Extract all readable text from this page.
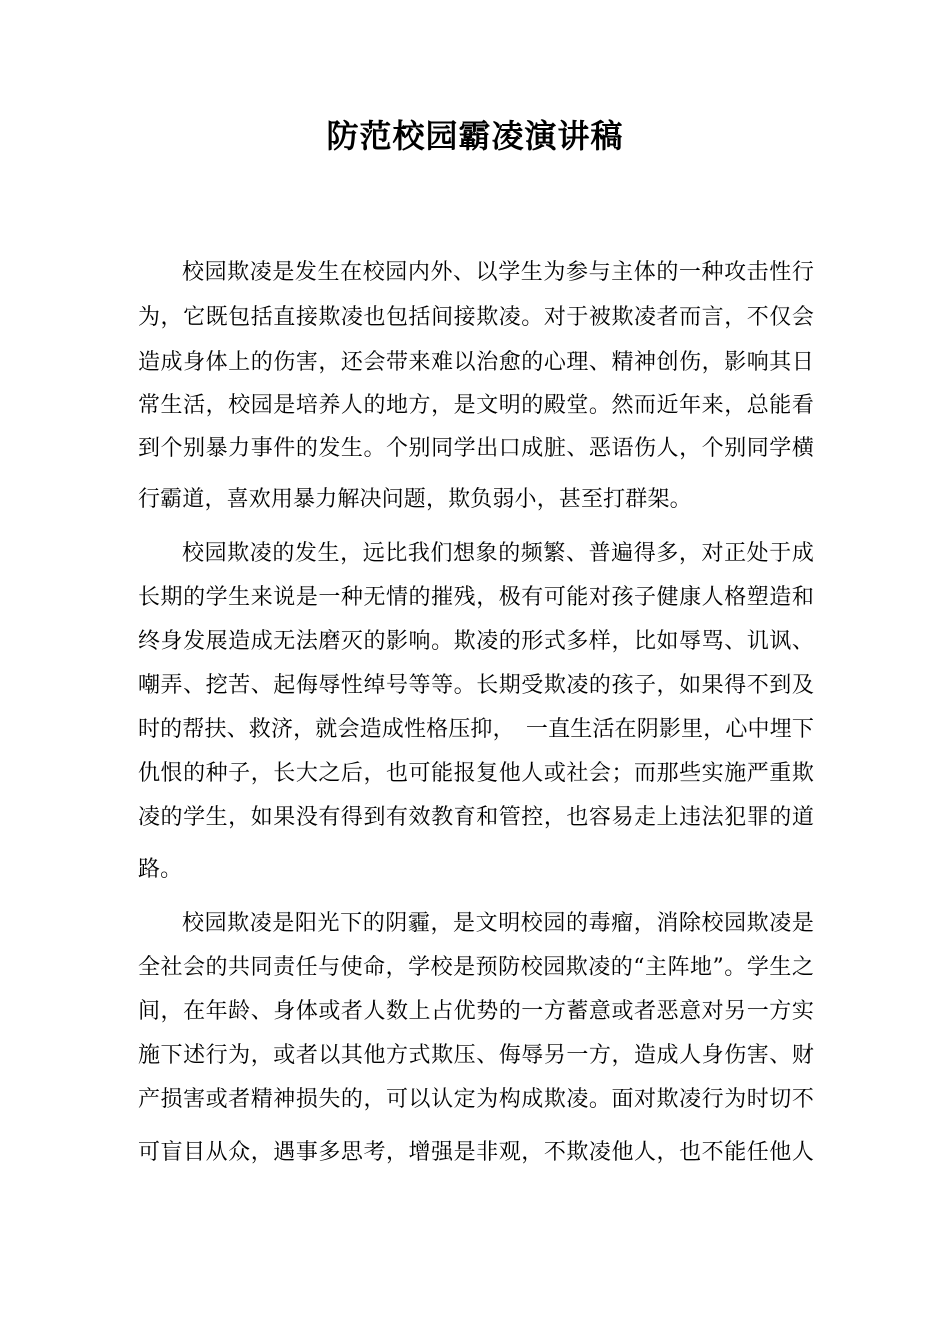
防范校园霸凌演讲稿
校园欺凌是发生在校园内外、以学生为参与主体的一种攻击性行
为，它既包括直接欺凌也包括间接欺凌。对于被欺凌者而言，不仅会
造成身体上的伤害，还会带来难以治愈的心理、精神创伤，影响其日
常生活，校园是培养人的地方，是文明的殿堂。然而近年来，总能看
到个别暴力事件的发生。个别同学出口成脏、恶语伤人，个别同学横
行霸道，喜欢用暴力解决问题，欺负弱小，甚至打群架。
校园欺凌的发生，远比我们想象的频繁、普遍得多，对正处于成
长期的学生来说是一种无情的摧残，极有可能对孩子健康人格塑造和
终身发展造成无法磨灭的影响。欺凌的形式多样，比如辱骂、讥讽、
嘲弄、挖苦、起侮辱性绰号等等。长期受欺凌的孩子，如果得不到及
时的帮扶、救济，就会造成性格压抑，　一直生活在阴影里，心中埋下
仇恨的种子，长大之后，也可能报复他人或社会；而那些实施严重欺
凌的学生，如果没有得到有效教育和管控，也容易走上违法犯罪的道
路。
校园欺凌是阳光下的阴霾，是文明校园的毒瘤，消除校园欺凌是
全社会的共同责任与使命，学校是预防校园欺凌的“主阵地”。学生之
间，在年龄、身体或者人数上占优势的一方蓄意或者恶意对另一方实
施下述行为，或者以其他方式欺压、侮辱另一方，造成人身伤害、财
产损害或者精神损失的，可以认定为构成欺凌。面对欺凌行为时切不
可盲目从众，遇事多思考，增强是非观，不欺凌他人，也不能任他人
